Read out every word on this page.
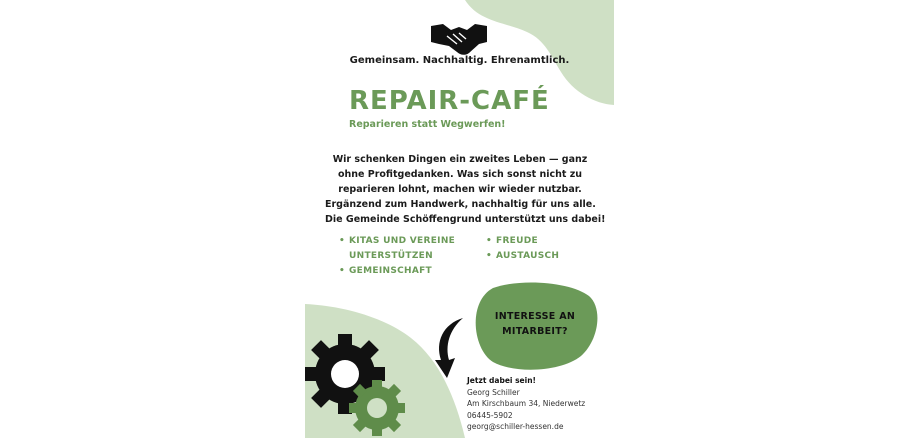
Gemeinsam. Nachhaltig. Ehrenamtlich.
REPAIR-CAFÉ
Reparieren statt Wegwerfen!
Wir schenken Dingen ein zweites Leben — ganz
ohne Profitgedanken. Was sich sonst nicht zu
reparieren lohnt, machen wir wieder nutzbar.
Ergänzend zum Handwerk, nachhaltig für uns alle.
Die Gemeinde Schöffengrund unterstützt uns dabei!
• KITAS UND VEREINE
UNTERSTÜTZEN
• GEMEINSCHAFT
• FREUDE
• AUSTAUSCH
INTERESSE AN
MITARBEIT?
Jetzt dabei sein!
Georg Schiller
Am Kirschbaum 34, Niederwetz
06445-5902
georg@schiller-hessen.de
